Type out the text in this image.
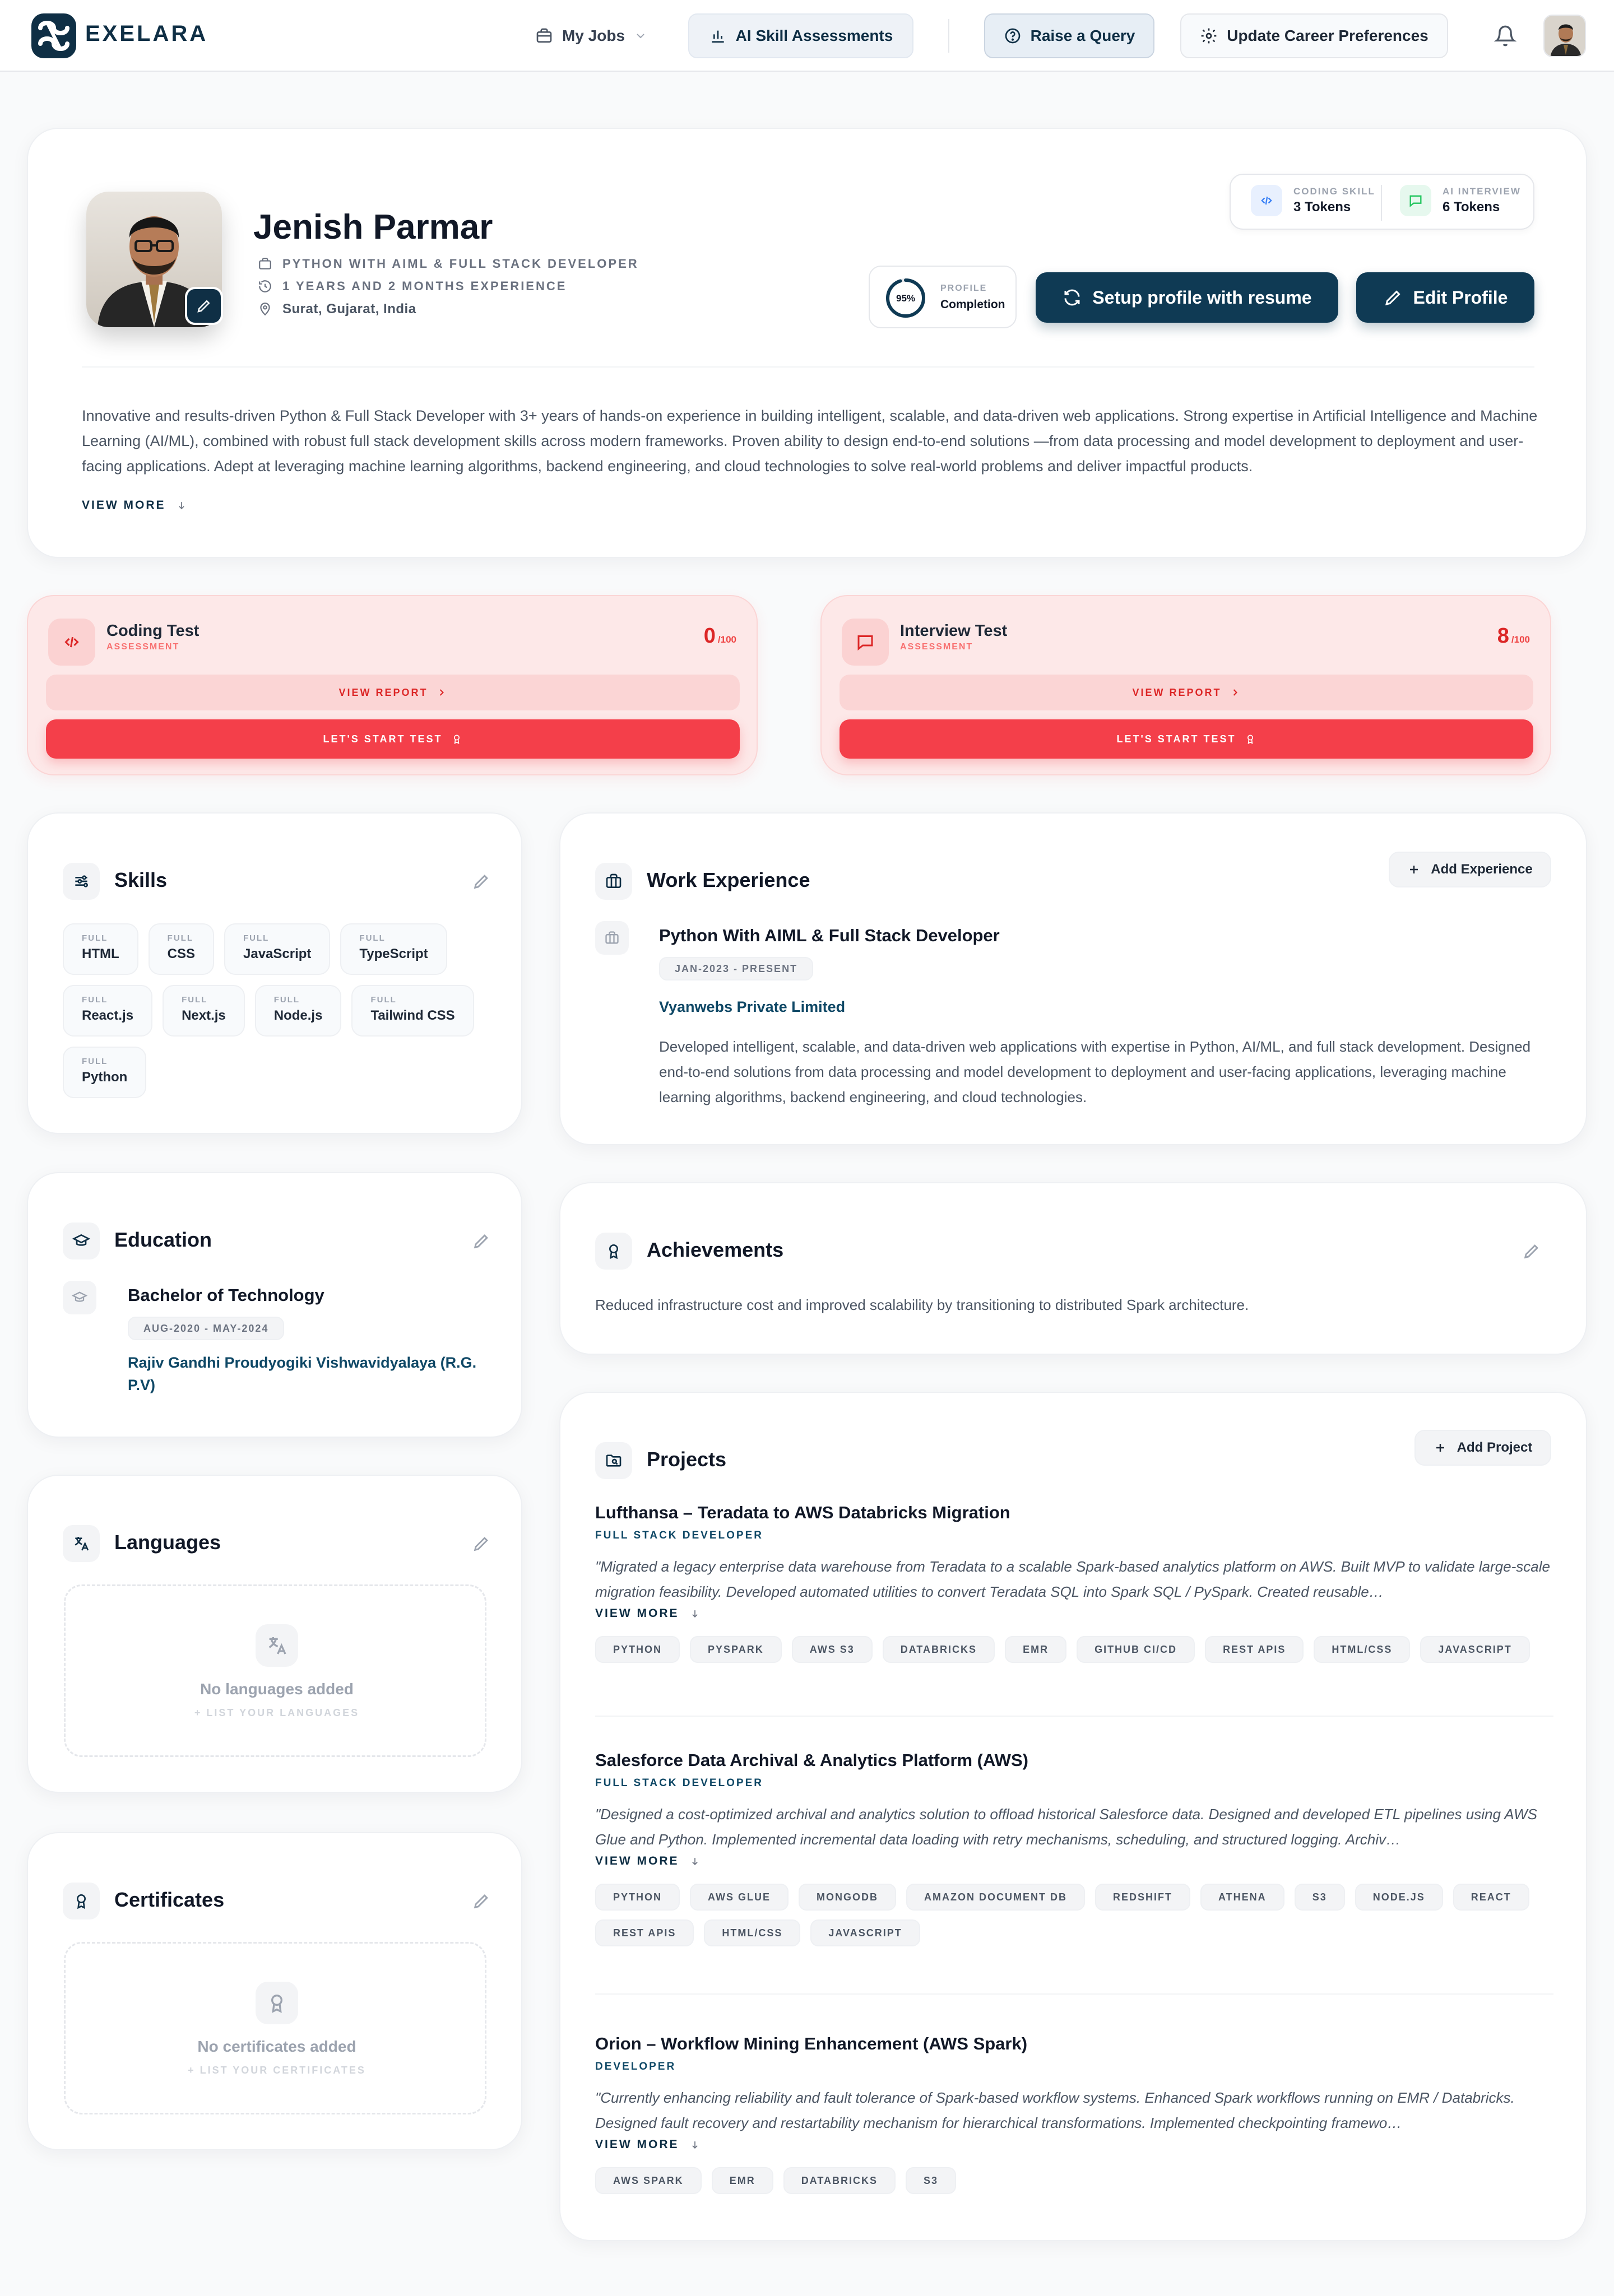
EXELARA	My Jobs	AI Skill Assessments	Raise a Query	Update Career Preferences
Jenish Parmar
PYTHON WITH AIML & FULL STACK DEVELOPER
1 YEARS AND 2 MONTHS EXPERIENCE
Surat, Gujarat, India
CODING SKILL
3 Tokens
AI INTERVIEW
6 Tokens
95%
PROFILE
Completion	Setup profile with resume	Edit Profile
Innovative and results-driven Python & Full Stack Developer with 3+ years of hands-on experience in building intelligent, scalable, and data-driven web applications. Strong expertise in Artificial Intelligence and Machine Learning (AI/ML), combined with robust full stack development skills across modern frameworks. Proven ability to design end-to-end solutions —from data processing and model development to deployment and user-facing applications. Adept at leveraging machine learning algorithms, backend engineering, and cloud technologies to solve real-world problems and deliver impactful products.
VIEW MORE
Coding Test
ASSESSMENT	0 /100
VIEW REPORT
LET'S START TEST
Interview Test
ASSESSMENT	8 /100
VIEW REPORT
LET'S START TEST
Skills
FULL
HTML
FULL
CSS
FULL
JavaScript
FULL
TypeScript
FULL
React.js
FULL
Next.js
FULL
Node.js
FULL
Tailwind CSS
FULL
Python
Education
Bachelor of Technology
AUG-2020 - MAY-2024
Rajiv Gandhi Proudyogiki Vishwavidyalaya (R.G. P.V)
Languages
No languages added
+ LIST YOUR LANGUAGES
Certificates
No certificates added
+ LIST YOUR CERTIFICATES
Work Experience	Add Experience
Python With AIML & Full Stack Developer
JAN-2023 - PRESENT
Vyanwebs Private Limited
Developed intelligent, scalable, and data-driven web applications with expertise in Python, AI/ML, and full stack development. Designed end-to-end solutions from data processing and model development to deployment and user-facing applications, leveraging machine learning algorithms, backend engineering, and cloud technologies.
Achievements
Reduced infrastructure cost and improved scalability by transitioning to distributed Spark architecture.
Projects
Add Project
Lufthansa – Teradata to AWS Databricks Migration
FULL STACK DEVELOPER
"Migrated a legacy enterprise data warehouse from Teradata to a scalable Spark-based analytics platform on AWS. Built MVP to validate large-scale migration feasibility. Developed automated utilities to convert Teradata SQL into Spark SQL / PySpark. Created reusable…
VIEW MORE
PYTHON	PYSPARK	AWS S3	DATABRICKS	EMR	GITHUB CI/CD	REST APIS	HTML/CSS	JAVASCRIPT
Salesforce Data Archival & Analytics Platform (AWS)
FULL STACK DEVELOPER
"Designed a cost-optimized archival and analytics solution to offload historical Salesforce data. Designed and developed ETL pipelines using AWS Glue and Python. Implemented incremental data loading with retry mechanisms, scheduling, and structured logging. Archiv…
VIEW MORE
PYTHON	AWS GLUE	MONGODB	AMAZON DOCUMENT DB	REDSHIFT	ATHENA	S3	NODE.JS	REACT
REST APIS	HTML/CSS	JAVASCRIPT
Orion – Workflow Mining Enhancement (AWS Spark)
DEVELOPER
"Currently enhancing reliability and fault tolerance of Spark-based workflow systems. Enhanced Spark workflows running on EMR / Databricks. Designed fault recovery and restartability mechanism for hierarchical transformations. Implemented checkpointing framewo…
VIEW MORE
AWS SPARK	EMR	DATABRICKS	S3
